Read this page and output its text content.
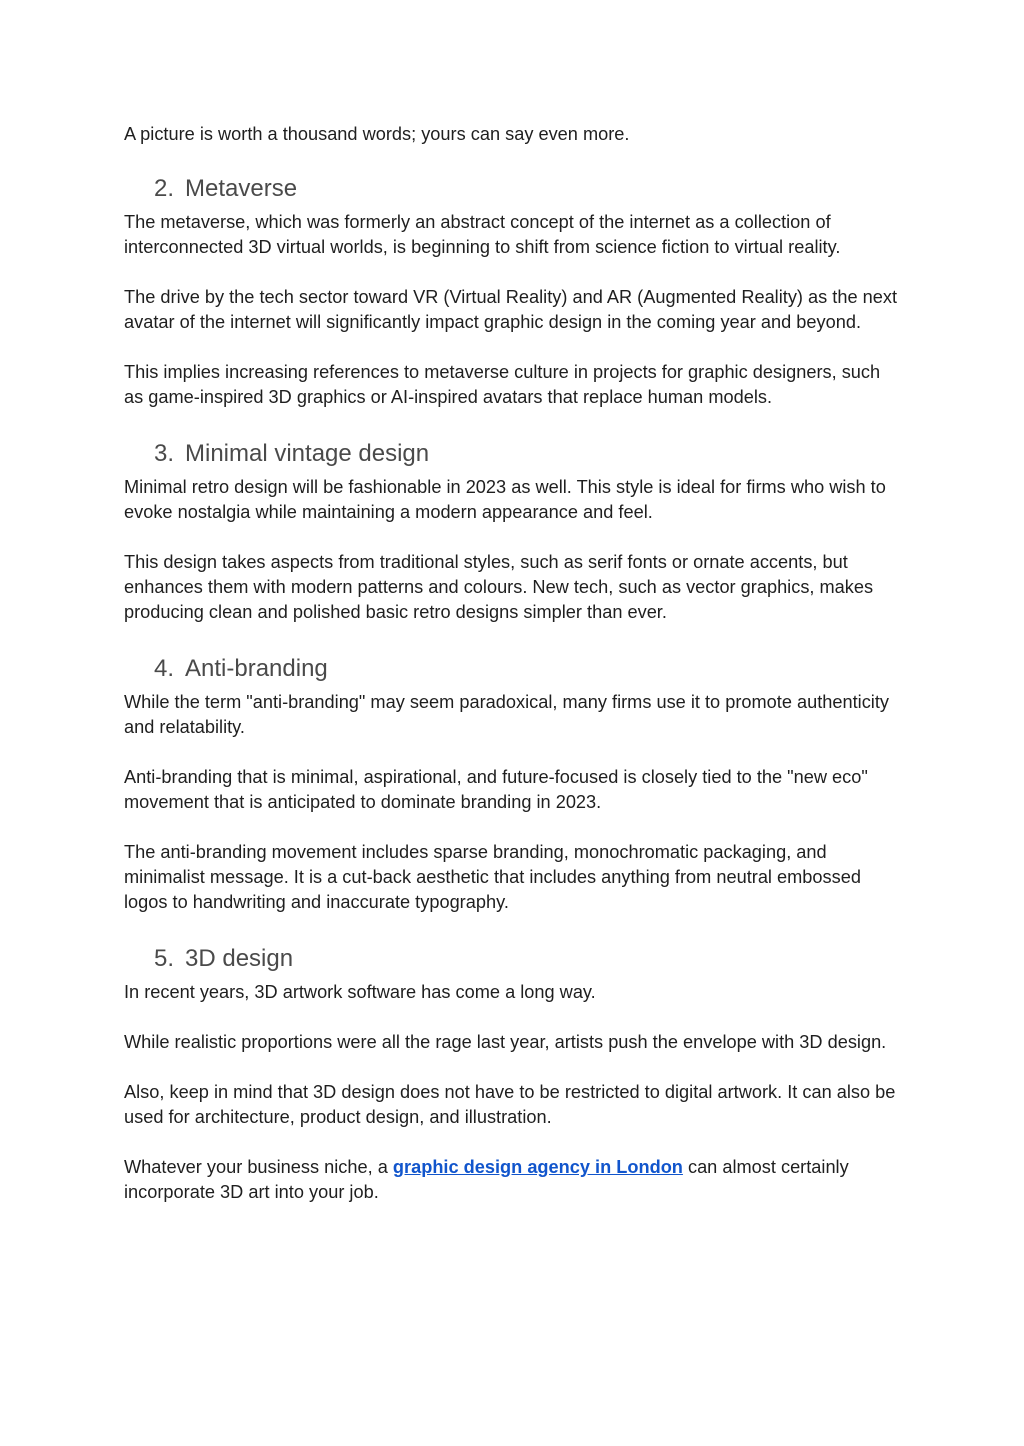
A picture is worth a thousand words; yours can say even more.

2. Metaverse

The metaverse, which was formerly an abstract concept of the internet as a collection of interconnected 3D virtual worlds, is beginning to shift from science fiction to virtual reality.

The drive by the tech sector toward VR (Virtual Reality) and AR (Augmented Reality) as the next avatar of the internet will significantly impact graphic design in the coming year and beyond.

This implies increasing references to metaverse culture in projects for graphic designers, such as game-inspired 3D graphics or AI-inspired avatars that replace human models.

3. Minimal vintage design

Minimal retro design will be fashionable in 2023 as well. This style is ideal for firms who wish to evoke nostalgia while maintaining a modern appearance and feel.

This design takes aspects from traditional styles, such as serif fonts or ornate accents, but enhances them with modern patterns and colours. New tech, such as vector graphics, makes producing clean and polished basic retro designs simpler than ever.

4. Anti-branding

While the term "anti-branding" may seem paradoxical, many firms use it to promote authenticity and relatability.

Anti-branding that is minimal, aspirational, and future-focused is closely tied to the "new eco" movement that is anticipated to dominate branding in 2023.

The anti-branding movement includes sparse branding, monochromatic packaging, and minimalist message. It is a cut-back aesthetic that includes anything from neutral embossed logos to handwriting and inaccurate typography.

5. 3D design

In recent years, 3D artwork software has come a long way.

While realistic proportions were all the rage last year, artists push the envelope with 3D design.

Also, keep in mind that 3D design does not have to be restricted to digital artwork. It can also be used for architecture, product design, and illustration.

Whatever your business niche, a graphic design agency in London can almost certainly incorporate 3D art into your job.
